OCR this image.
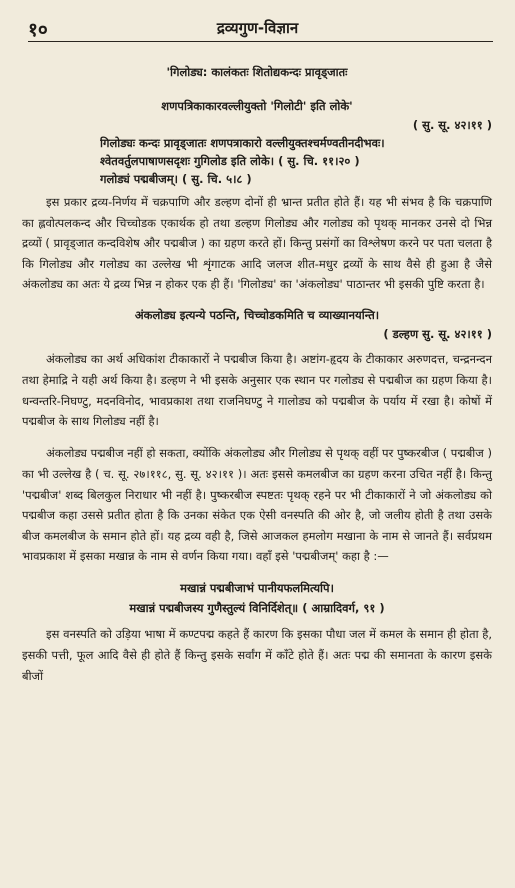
१०	द्रव्यगुण-विज्ञान
'गिलोड्य: कालंकतः शितोद्यकन्दः प्रावृड्जातः
शणपत्रिकाकारवल्लीयुक्तो 'गिलोटी' इति लोके'
( सु. सू. ४२।११ )
गिलोड्यः कन्दः प्रावृड्जातः शणपत्राकारो वल्लीयुक्तश्चर्मण्वतीनदीभवः।
श्वेतवर्तुलपाषाणसदृशः गुगिलोड इति लोके। ( सु. चि. ११।२० )
गलोड्यं पद्मबीजम्। ( सु. चि. ५।८ )

इस प्रकार द्रव्य-निर्णय में चक्रपाणि और डल्हण दोनों ही भ्रान्त प्रतीत होते हैं। यह भी संभव है कि चक्रपाणि का ह्लवोत्पलकन्द और चिच्चोडक एकार्थक हो तथा डल्हण गिलोड्य और गलोड्य को पृथक् मानकर उनसे दो भिन्न द्रव्यों ( प्रावृड्जात कन्दविशेष और पद्मबीज ) का ग्रहण करते हों। किन्तु प्रसंगों का विश्लेषण करने पर पता चलता है कि गिलोड्य और गलोड्य का उल्लेख भी शृंगाटक आदि जलज शीत-मधुर द्रव्यों के साथ वैसे ही हुआ है जैसे अंकलोड्य का अतः ये द्रव्य भिन्न न होकर एक ही हैं। 'गिलोड्य' का 'अंकलोड्य' पाठान्तर भी इसकी पुष्टि करता है।

अंकलोड्य इत्यन्ये पठन्ति, चिच्चोडकमिति च व्याख्यानयन्ति।
( डल्हण सु. सू. ४२।११ )

अंकलोड्य का अर्थ अधिकांश टीकाकारों ने पद्मबीज किया है। अष्टांग-हृदय के टीकाकार अरुणदत्त, चन्द्रनन्दन तथा हेमाद्रि ने यही अर्थ किया है। डल्हण ने भी इसके अनुसार एक स्थान पर गलोड्य से पद्मबीज का ग्रहण किया है। धन्वन्तरि-निघण्टु, मदनविनोद, भावप्रकाश तथा राजनिघण्टु ने गालोड्य को पद्मबीज के पर्याय में रखा है। कोषों में पद्मबीज के साथ गिलोड्य नहीं है।

अंकलोड्य पद्मबीज नहीं हो सकता, क्योंकि अंकलोड्य और गिलोड्य से पृथक् वहीं पर पुष्करबीज ( पद्मबीज ) का भी उल्लेख है ( च. सू. २७।११८, सु. सू. ४२।११ )। अतः इससे कमलबीज का ग्रहण करना उचित नहीं है। किन्तु 'पद्मबीज' शब्द बिलकुल निराधार भी नहीं है। पुष्करबीज स्पष्टतः पृथक् रहने पर भी टीकाकारों ने जो अंकलोड्य को पद्मबीज कहा उससे प्रतीत होता है कि उनका संकेत एक ऐसी वनस्पति की ओर है, जो जलीय होती है तथा उसके बीज कमलबीज के समान होते हों। यह द्रव्य वही है, जिसे आजकल हमलोग मखाना के नाम से जानते हैं। सर्वप्रथम भावप्रकाश में इसका मखान्न के नाम से वर्णन किया गया। वहाँ इसे 'पद्मबीजम्' कहा है :—

मखान्नं पद्मबीजाभं पानीयफलमित्यपि।
मखान्नं पद्मबीजस्य गुणैस्तुल्यं विनिर्दिशेत्॥ ( आम्रादिवर्ग, ९१ )

इस वनस्पति को उड़िया भाषा में कण्टपद्म कहते हैं कारण कि इसका पौधा जल में कमल के समान ही होता है, इसकी पत्ती, फूल आदि वैसे ही होते हैं किन्तु इसके सर्वांग में काँटे होते हैं। अतः पद्म की समानता के कारण इसके बीजों
